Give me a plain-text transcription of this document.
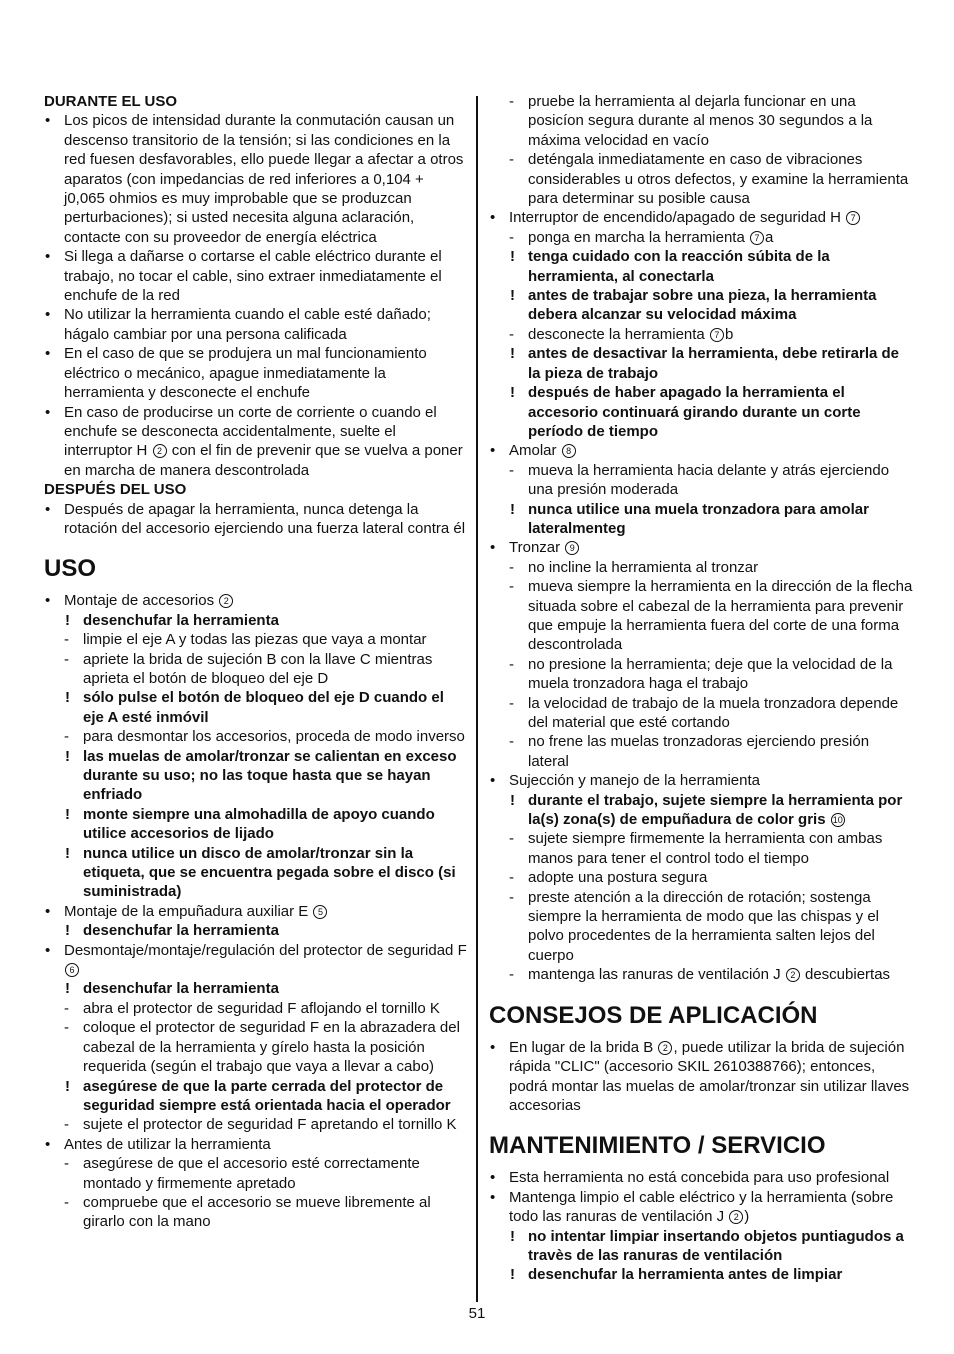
DURANTE EL USO
• Los picos de intensidad durante la conmutación causan un descenso transitorio de la tensión; si las condiciones en la red fuesen desfavorables, ello puede llegar a afectar a otros aparatos (con impedancias de red inferiores a 0,104 + j0,065 ohmios es muy improbable que se produzcan perturbaciones); si usted necesita alguna aclaración, contacte con su proveedor de energía eléctrica
• Si llega a dañarse o cortarse el cable eléctrico durante el trabajo, no tocar el cable, sino extraer inmediatamente el enchufe de la red
• No utilizar la herramienta cuando el cable esté dañado; hágalo cambiar por una persona calificada
• En el caso de que se produjera un mal funcionamiento eléctrico o mecánico, apague inmediatamente la herramienta y desconecte el enchufe
• En caso de producirse un corte de corriente o cuando el enchufe se desconecta accidentalmente, suelte el interruptor H 2 con el fin de prevenir que se vuelva a poner en marcha de manera descontrolada
DESPUÉS DEL USO
• Después de apagar la herramienta, nunca detenga la rotación del accesorio ejerciendo una fuerza lateral contra él
USO
• Montaje de accesorios 2
! desenchufar la herramienta
- limpie el eje A y todas las piezas que vaya a montar
- apriete la brida de sujeción B con la llave C mientras aprieta el botón de bloqueo del eje D
! sólo pulse el botón de bloqueo del eje D cuando el eje A esté inmóvil
- para desmontar los accesorios, proceda de modo inverso
! las muelas de amolar/tronzar se calientan en exceso durante su uso; no las toque hasta que se hayan enfriado
! monte siempre una almohadilla de apoyo cuando utilice accesorios de lijado
! nunca utilice un disco de amolar/tronzar sin la etiqueta, que se encuentra pegada sobre el disco (si suministrada)
• Montaje de la empuñadura auxiliar E 5
! desenchufar la herramienta
• Desmontaje/montaje/regulación del protector de seguridad F 6
! desenchufar la herramienta
- abra el protector de seguridad F aflojando el tornillo K
- coloque el protector de seguridad F en la abrazadera del cabezal de la herramienta y gírelo hasta la posición requerida (según el trabajo que vaya a llevar a cabo)
! asegúrese de que la parte cerrada del protector de seguridad siempre está orientada hacia el operador
- sujete el protector de seguridad F apretando el tornillo K
• Antes de utilizar la herramienta
- asegúrese de que el accesorio esté correctamente montado y firmemente apretado
- compruebe que el accesorio se mueve libremente al girarlo con la mano
- pruebe la herramienta al dejarla funcionar en una posicíon segura durante al menos 30 segundos a la máxima velocidad en vacío
- deténgala inmediatamente en caso de vibraciones considerables u otros defectos, y examine la herramienta para determinar su posible causa
• Interruptor de encendido/apagado de seguridad H 7
- ponga en marcha la herramienta 7 a
! tenga cuidado con la reacción súbita de la herramienta, al conectarla
! antes de trabajar sobre una pieza, la herramienta debera alcanzar su velocidad máxima
- desconecte la herramienta 7 b
! antes de desactivar la herramienta, debe retirarla de la pieza de trabajo
! después de haber apagado la herramienta el accesorio continuará girando durante un corte período de tiempo
• Amolar 8
- mueva la herramienta hacia delante y atrás ejerciendo una presión moderada
! nunca utilice una muela tronzadora para amolar lateralmenteg
• Tronzar 9
- no incline la herramienta al tronzar
- mueva siempre la herramienta en la dirección de la flecha situada sobre el cabezal de la herramienta para prevenir que empuje la herramienta fuera del corte de una forma descontrolada
- no presione la herramienta; deje que la velocidad de la muela tronzadora haga el trabajo
- la velocidad de trabajo de la muela tronzadora depende del material que esté cortando
- no frene las muelas tronzadoras ejerciendo presión lateral
• Sujección y manejo de la herramienta
! durante el trabajo, sujete siempre la herramienta por la(s) zona(s) de empuñadura de color gris 10
- sujete siempre firmemente la herramienta con ambas manos para tener el control todo el tiempo
- adopte una postura segura
- preste atención a la dirección de rotación; sostenga siempre la herramienta de modo que las chispas y el polvo procedentes de la herramienta salten lejos del cuerpo
- mantenga las ranuras de ventilación J 2 descubiertas
CONSEJOS DE APLICACIÓN
• En lugar de la brida B 2 , puede utilizar la brida de sujeción rápida "CLIC" (accesorio SKIL 2610388766); entonces, podrá montar las muelas de amolar/tronzar sin utilizar llaves accesorias
MANTENIMIENTO / SERVICIO
• Esta herramienta no está concebida para uso profesional
• Mantenga limpio el cable eléctrico y la herramienta (sobre todo las ranuras de ventilación J 2 )
! no intentar limpiar insertando objetos puntiagudos a travès de las ranuras de ventilación
! desenchufar la herramienta antes de limpiar
51
